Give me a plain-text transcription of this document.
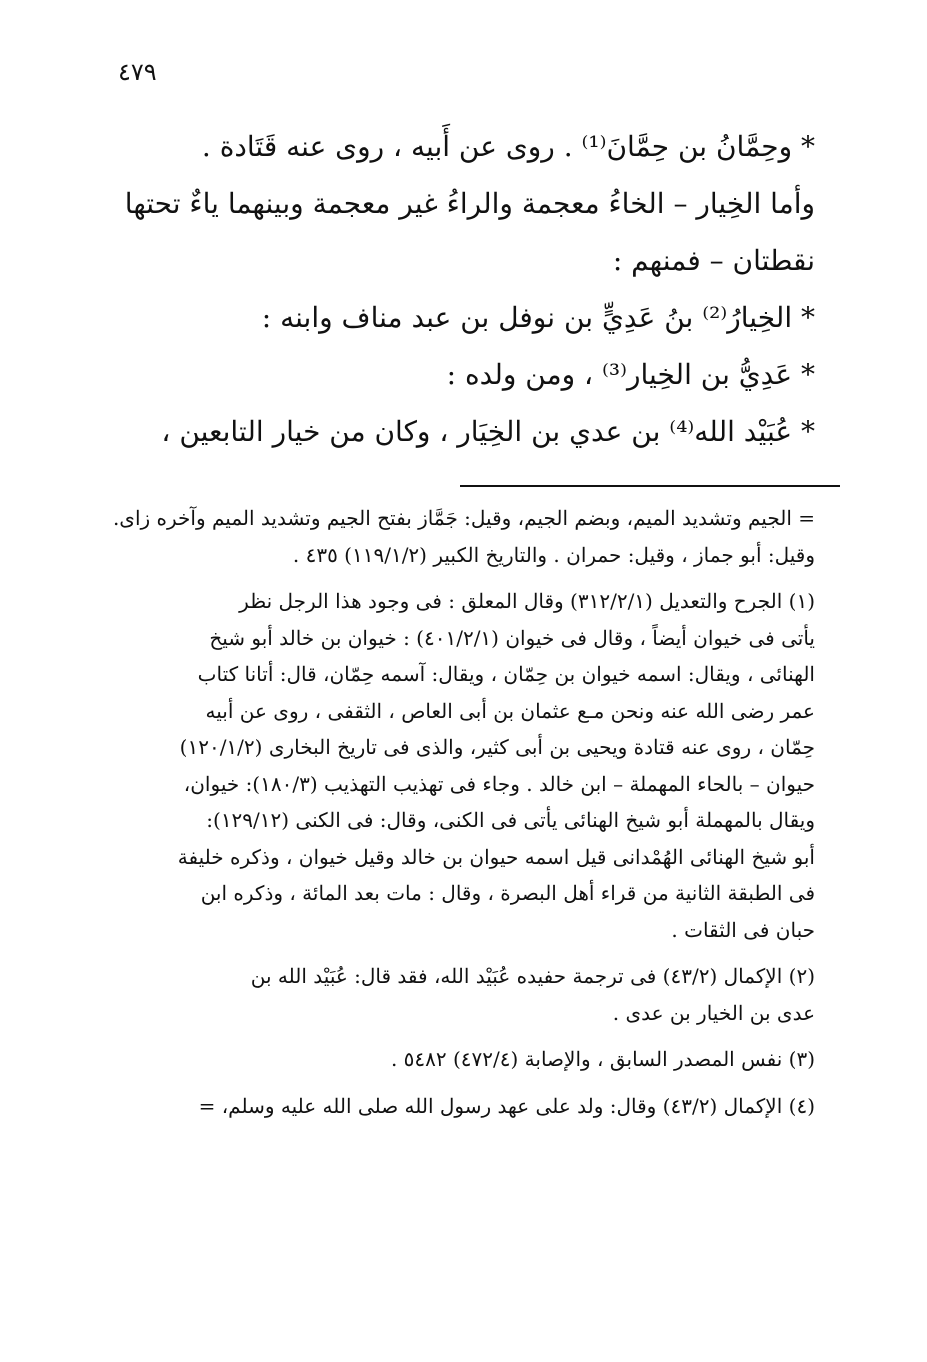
٤٧٩
* وحِمَّانُ بن حِمَّانَ⁽¹⁾ . روى عن أَبيه ، روى عنه قَتَادة .
وأما الخِيار – الخاءُ معجمة والراءُ غير معجمة وبينهما ياءٌ تحتها
نقطتان – فمنهم :
* الخِيارُ⁽²⁾ بنُ عَدِيٍّ بن نوفل بن عبد مناف وابنه :
* عَدِيُّ بن الخِيار⁽³⁾ ، ومن ولده :
* عُبَيْد الله⁽⁴⁾ بن عدي بن الخِيَار ، وكان من خيار التابعين ،
= الجيم وتشديد الميم، وبضم الجيم، وقيل: جَمَّاز بفتح الجيم وتشديد الميم وآخره زاى.
وقيل: أبو جماز ، وقيل: حمران . والتاريخ الكبير (١١٩/١/٢) ٤٣٥ .
(١) الجرح والتعديل (٣١٢/٢/١) وقال المعلق : فى وجود هذا الرجل نظر
يأتى فى خيوان أيضاً ، وقال فى خيوان (٤٠١/٢/١) : خيوان بن خالد أبو شيخ
الهنائى ، ويقال: اسمه خيوان بن حِمّان ، ويقال: آسمه حِمّان، قال: أتانا كتاب
عمر رضى الله عنه ونحن مـع عثمان بن أبى العاص ، الثقفى ، روى عن أبيه
حِمّان ، روى عنه قتادة ويحيى بن أبى كثير، والذى فى تاريخ البخارى (١٢٠/١/٢)
حيوان – بالحاء المهملة – ابن خالد . وجاء فى تهذيب التهذيب (١٨٠/٣): خيوان،
ويقال بالمهملة أبو شيخ الهنائى يأتى فى الكنى، وقال: فى الكنى (١٢٩/١٢):
أبو شيخ الهنائى الهُمْدانى قيل اسمه حيوان بن خالد وقيل خيوان ، وذكره خليفة
فى الطبقة الثانية من قراء أهل البصرة ، وقال : مات بعد المائة ، وذكره ابن
حبان فى الثقات .
(٢) الإكمال (٤٣/٢) فى ترجمة حفيده عُبَيْد الله، فقد قال: عُبَيْد الله بن
عدى بن الخيار بن عدى .
(٣) نفس المصدر السابق ، والإصابة (٤٧٢/٤) ٥٤٨٢ .
(٤) الإكمال (٤٣/٢) وقال: ولد على عهد رسول الله صلى الله عليه وسلم، =
